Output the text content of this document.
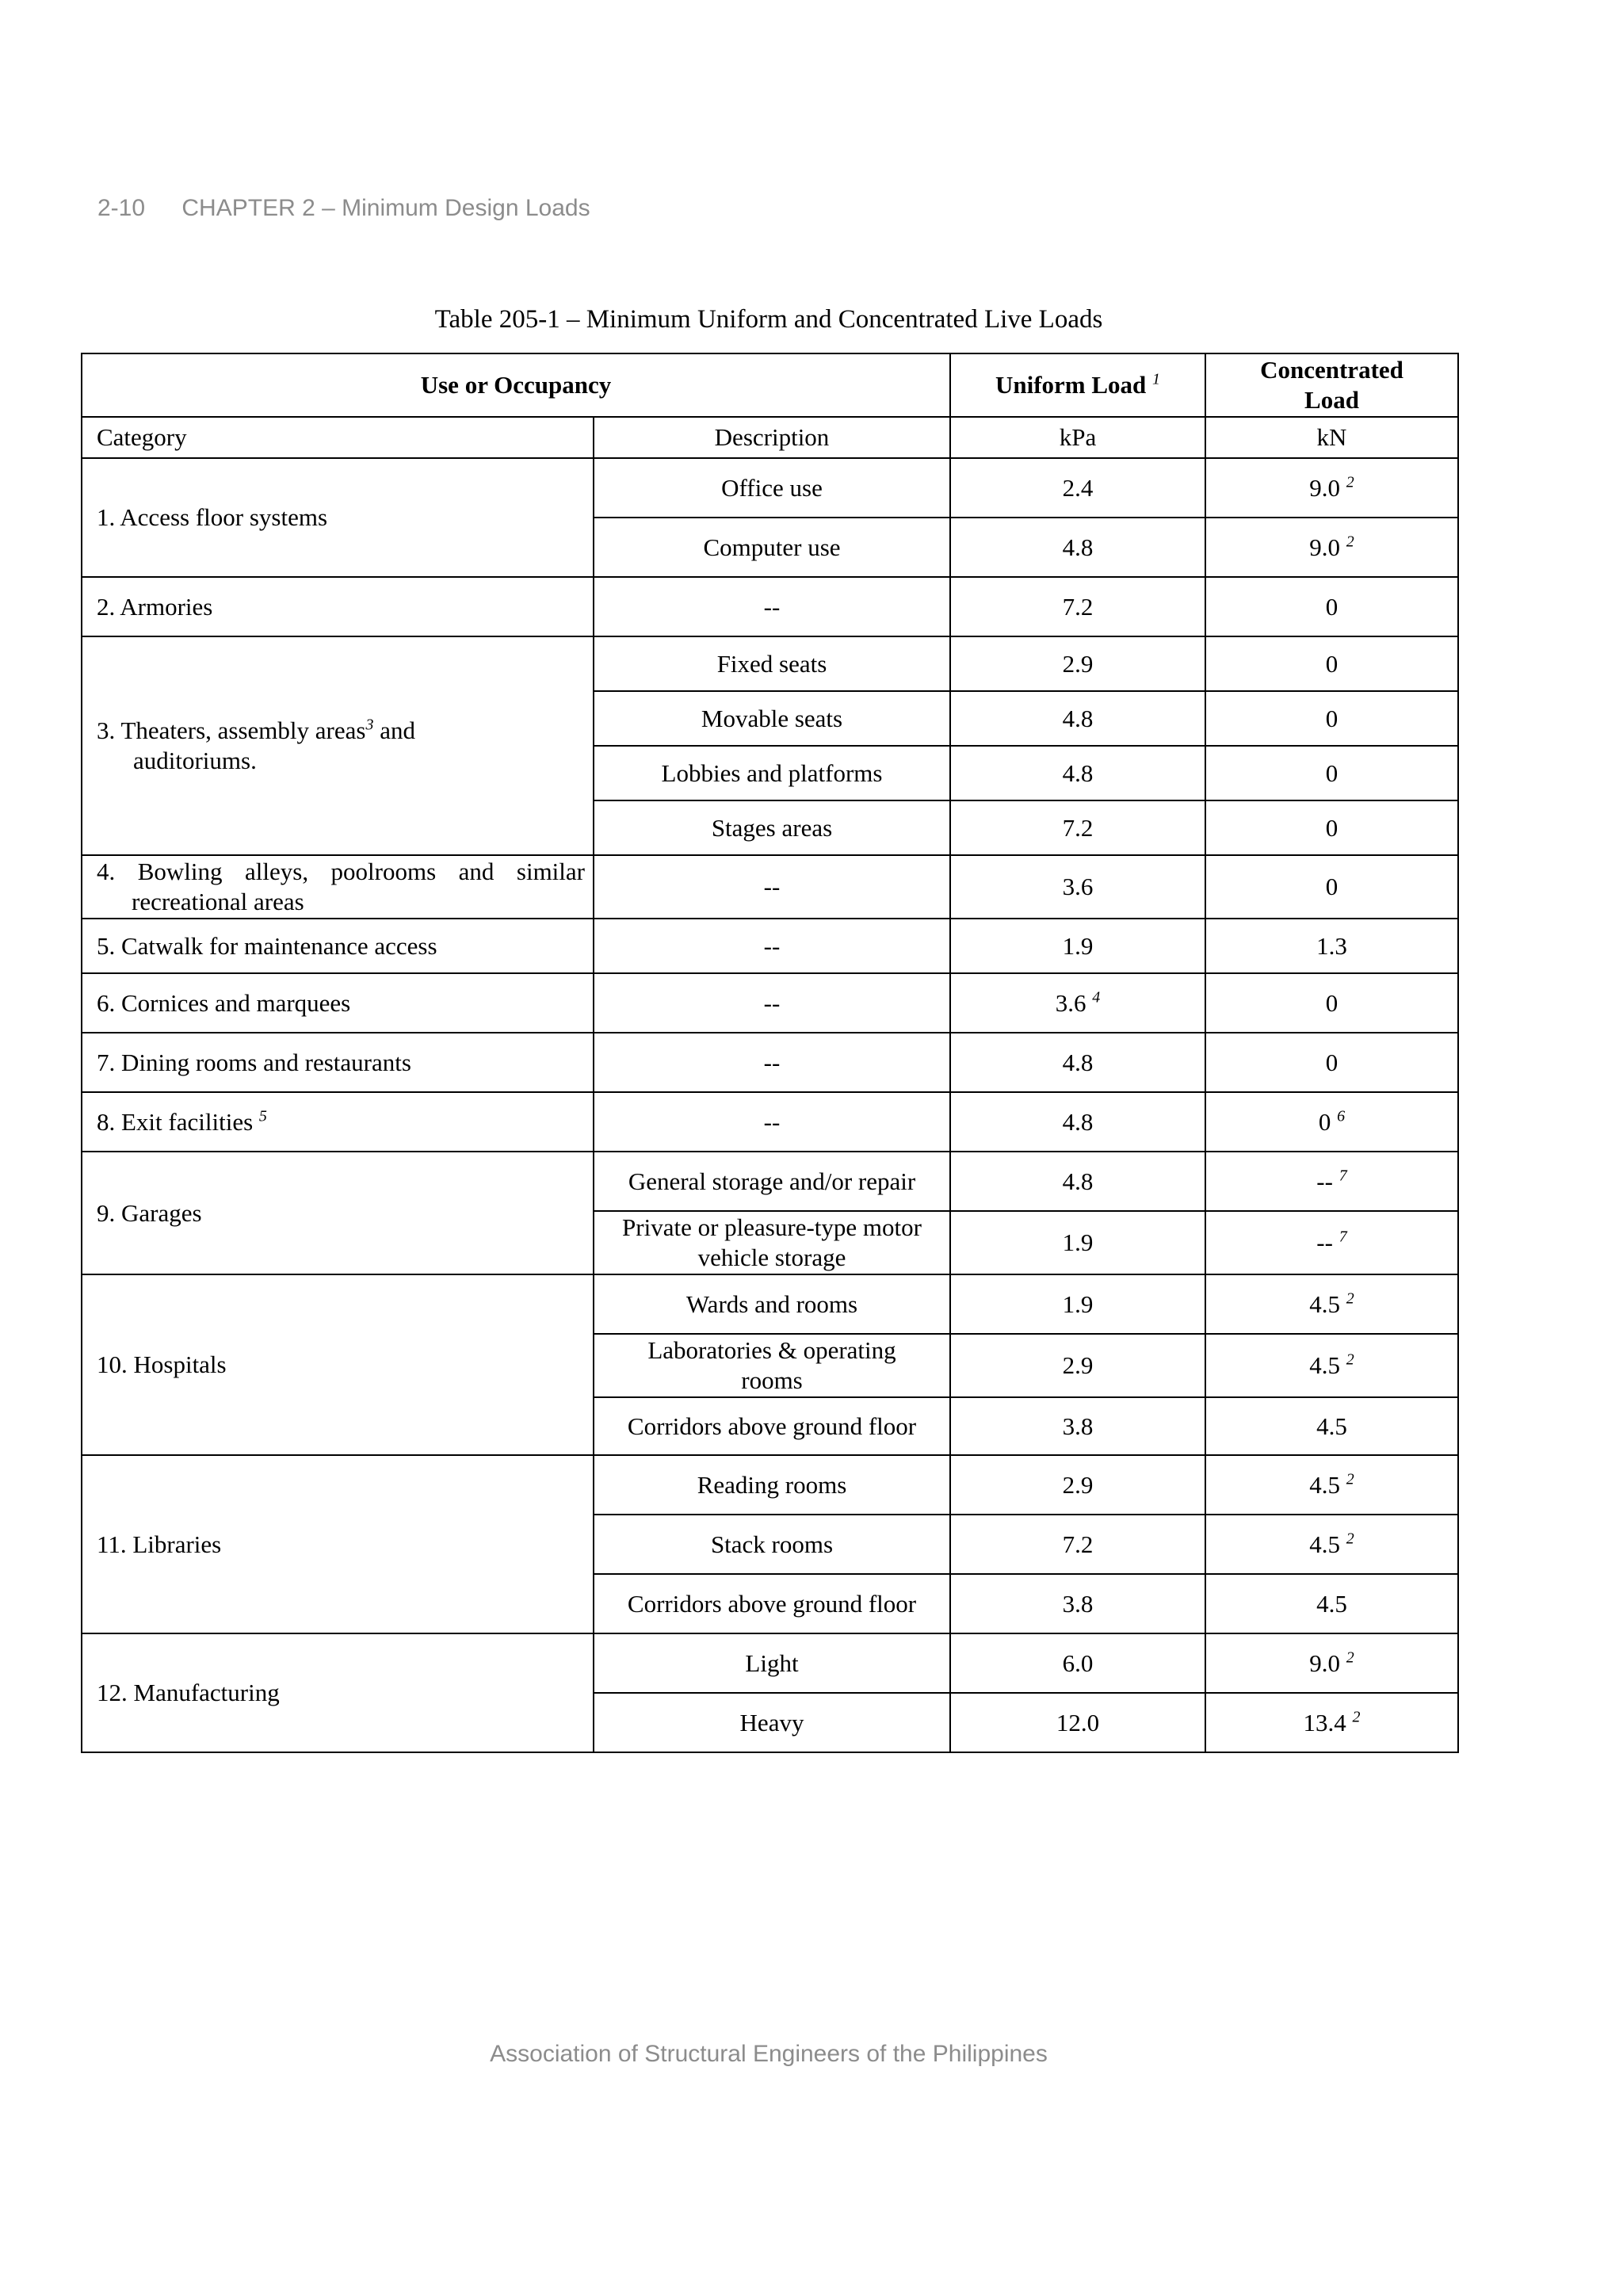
2-10 CHAPTER 2 – Minimum Design Loads
Table 205-1 – Minimum Uniform and Concentrated Live Loads
Use or Occupancy		Uniform Load $^1$	Concentrated
Load
Category	Description	kPa	kN
1. Access floor systems	Office use	2.4	9.0 $^2$
	Computer use	4.8	9.0 $^2$
2. Armories	--	7.2	0
3. Theaters, assembly areas$^3$ and
auditoriums.	Fixed seats	2.9	0
	Movable seats	4.8	0
	Lobbies and platforms	4.8	0
	Stages areas	7.2	0

4. Bowling alleys, poolrooms and similar
recreational areas	--	3.6	0
5. Catwalk for maintenance access	--	1.9	1.3
6. Cornices and marquees	--	3.6 $^4$	0
7. Dining rooms and restaurants	--	4.8	0
8. Exit facilities $^5$	--	4.8	0 $^6$
9. Garages	General storage and/or repair	4.8	-- $^7$
	Private or pleasure-type motor
vehicle storage	1.9	-- $^7$
10. Hospitals	Wards and rooms	1.9	4.5 $^2$
	Laboratories & operating
rooms	2.9	4.5 $^2$
	Corridors above ground floor	3.8	4.5
11. Libraries	Reading rooms	2.9	4.5 $^2$
	Stack rooms	7.2	4.5 $^2$
	Corridors above ground floor	3.8	4.5
12. Manufacturing	Light	6.0	9.0 $^2$
	Heavy	12.0	13.4 $^2$
Association of Structural Engineers of the Philippines
